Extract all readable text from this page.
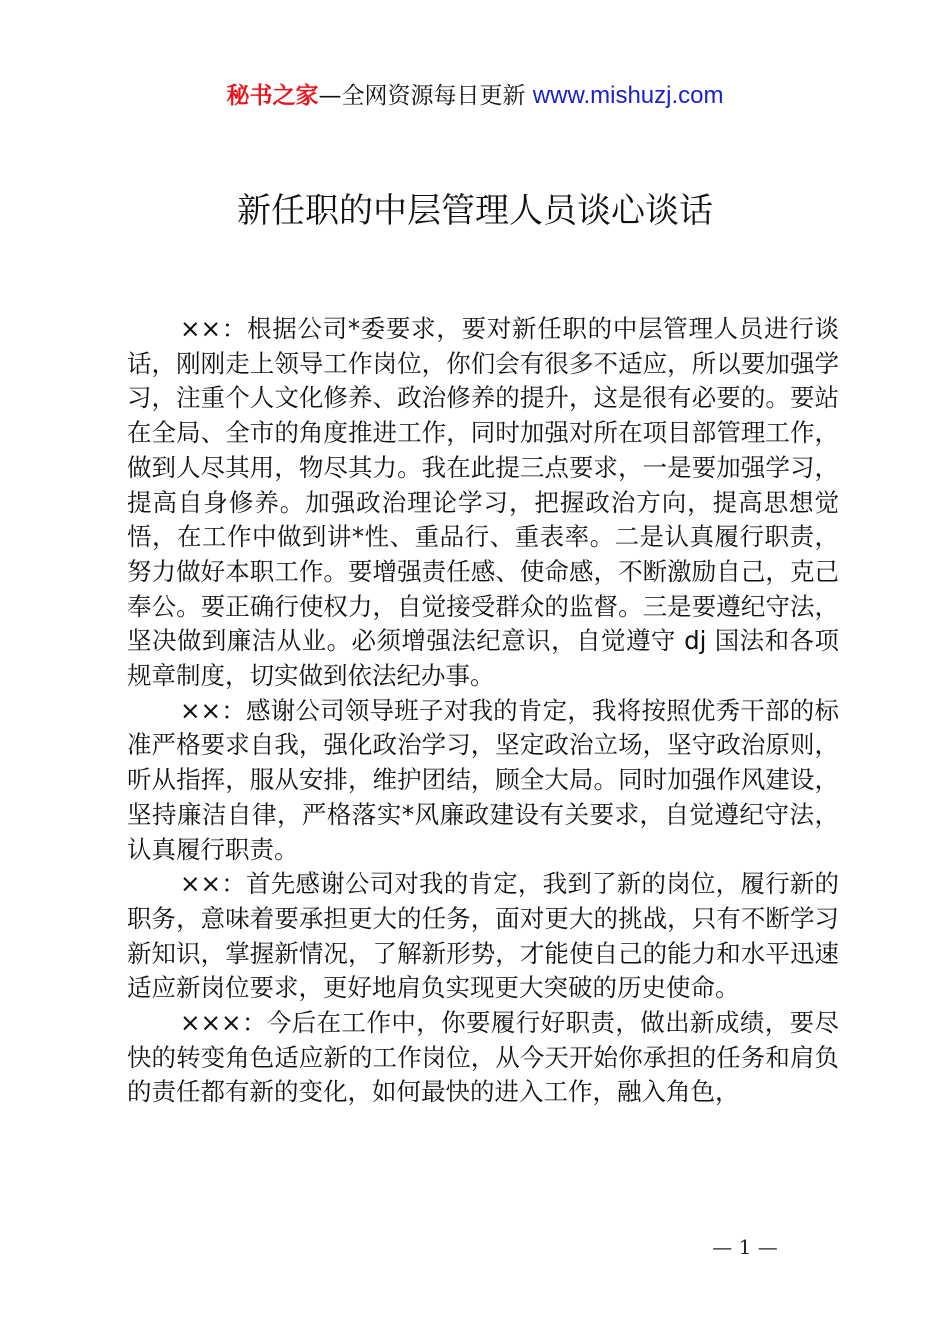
秘书之家—全网资源每日更新 www.mishuzj.com
新任职的中层管理人员谈心谈话

××：根据公司*委要求，要对新任职的中层管理人员进行谈话，刚刚走上领导工作岗位，你们会有很多不适应，所以要加强学习，注重个人文化修养、政治修养的提升，这是很有必要的。要站在全局、全市的角度推进工作，同时加强对所在项目部管理工作，做到人尽其用，物尽其力。我在此提三点要求，一是要加强学习，提高自身修养。加强政治理论学习，把握政治方向，提高思想觉悟，在工作中做到讲*性、重品行、重表率。二是认真履行职责，努力做好本职工作。要增强责任感、使命感，不断激励自己，克己奉公。要正确行使权力，自觉接受群众的监督。三是要遵纪守法，坚决做到廉洁从业。必须增强法纪意识，自觉遵守 dj 国法和各项规章制度，切实做到依法纪办事。

××：感谢公司领导班子对我的肯定，我将按照优秀干部的标准严格要求自我，强化政治学习，坚定政治立场，坚守政治原则，听从指挥，服从安排，维护团结，顾全大局。同时加强作风建设，坚持廉洁自律，严格落实*风廉政建设有关要求，自觉遵纪守法，认真履行职责。

××：首先感谢公司对我的肯定，我到了新的岗位，履行新的职务，意味着要承担更大的任务，面对更大的挑战，只有不断学习新知识，掌握新情况，了解新形势，才能使自己的能力和水平迅速适应新岗位要求，更好地肩负实现更大突破的历史使命。

×××：今后在工作中，你要履行好职责，做出新成绩，要尽快的转变角色适应新的工作岗位，从今天开始你承担的任务和肩负的责任都有新的变化，如何最快的进入工作，融入角色，

— 1 —
